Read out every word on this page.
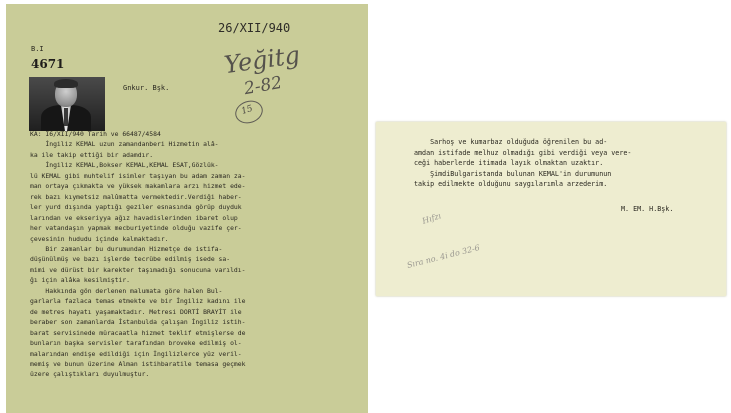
26/XII/940
B.I
4671	Yeğitg
2-82
15
Gnkur. Bşk.
KA: I6/XII/940 Tarih ve 66487/4584
İngiliz KEMAL uzun zamandanberi Hizmetin alâ-
ka ile takip ettiği bir adamdır.
İngiliz KEMAL,Bokser KEMAL,KEMAL ESAT,Gözlük-
lü KEMAL gibi muhtelif isimler taşıyan bu adam zaman za-
man ortaya çıkmakta ve yüksek makamlara arzı hizmet ede-
rek bazı kıymetsiz malûmatta vermektedir.Verdiği haber-
ler yurd dışında yaptığı geziler esnasında görüp duyduk
larından ve ekseriyya ağız havadislerinden ibaret olup
her vatandaşın yapmak mecburiyetinde olduğu vazife çer-
çevesinin hududu içinde kalmaktadır.
Bir zamanlar bu durumundan Hizmetçe de istifa-
düşünülmüş ve bazı işlerde tecrübe edilmiş isede sa-
mimi ve dürüst bir karekter taşımadığı sonucuna varıldı-
ğı için alâka kesilmiştir.
Hakkında gön derlenen malumata göre halen Bul-
garlarla fazlaca temas etmekte ve bir İngiliz kadını ile
de metres hayatı yaşamaktadır. Metresi DORTİ BRAYİT ile
beraber son zamanlarda İstanbulda çalışan İngiliz istih-
barat servisinede müracaatla hizmet teklif etmişlerse de
bunların başka servisler tarafından broveke edilmiş ol-
malarından endişe edildiği için İngilizlerce yüz veril-
memiş ve bunun üzerine Alman istihbaratile temasa geçmek
üzere çalıştıkları duyulmuştur.
Sarhoş ve kumarbaz olduğuda öğrenilen bu ad-
amdan istifade melhuz olmadığı gibi verdiği veya vere-
ceği haberlerde itimada layık olmaktan uzaktır.
ŞimdiBulgaristanda bulunan KEMAL'in durumunun
takip edilmekte olduğunu saygılarımla arzederim.
M. EM. H.Bşk.
Hıfzı
Sıra no. 4i do 32-6
